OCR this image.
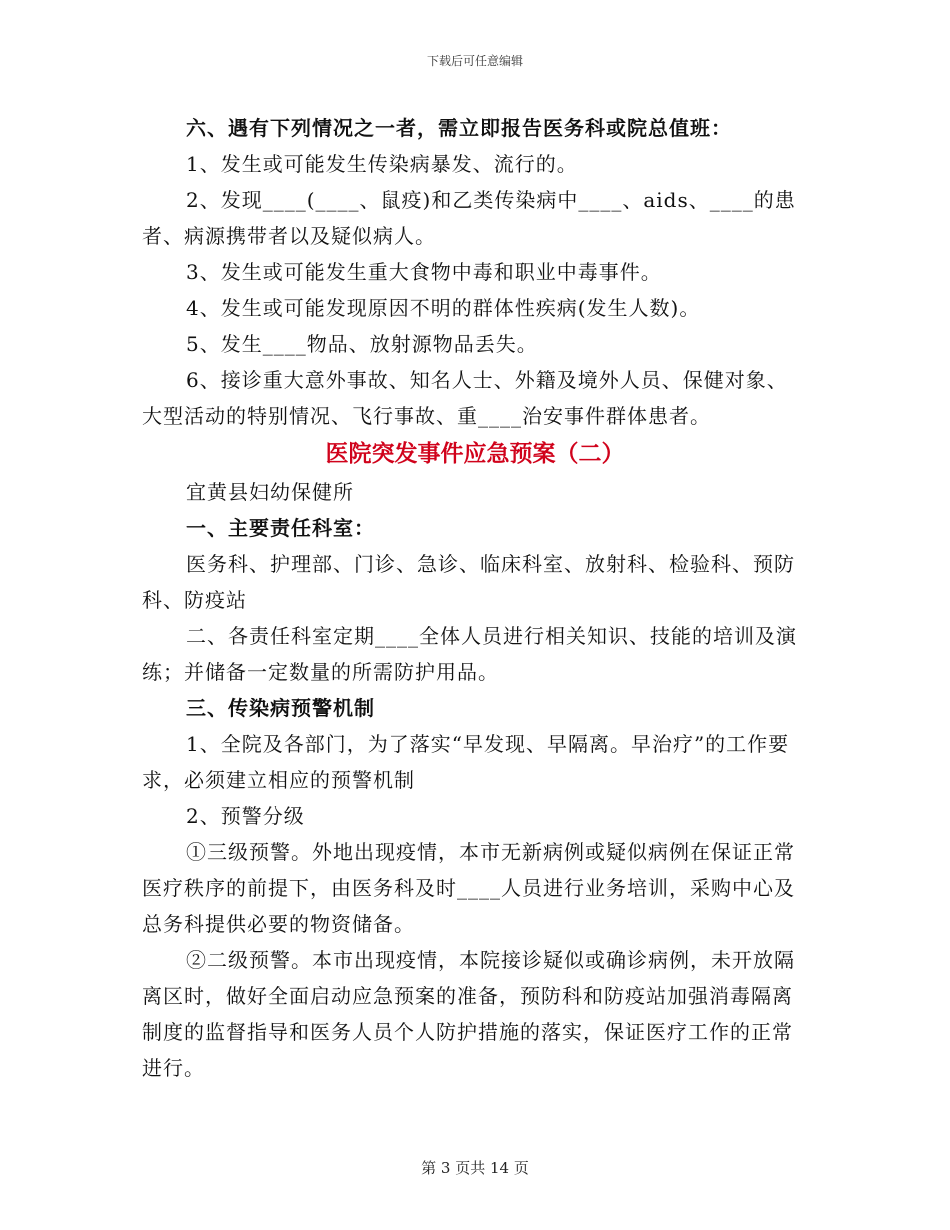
下载后可任意编辑

六、遇有下列情况之一者，需立即报告医务科或院总值班：

1、发生或可能发生传染病暴发、流行的。

2、发现____(____、鼠疫)和乙类传染病中____、aids、____的患者、病源携带者以及疑似病人。

3、发生或可能发生重大食物中毒和职业中毒事件。

4、发生或可能发现原因不明的群体性疾病(发生人数)。

5、发生____物品、放射源物品丢失。

6、接诊重大意外事故、知名人士、外籍及境外人员、保健对象、大型活动的特别情况、飞行事故、重____治安事件群体患者。

医院突发事件应急预案（二）

宜黄县妇幼保健所

一、主要责任科室：

医务科、护理部、门诊、急诊、临床科室、放射科、检验科、预防科、防疫站

二、各责任科室定期____全体人员进行相关知识、技能的培训及演练；并储备一定数量的所需防护用品。

三、传染病预警机制

1、全院及各部门，为了落实“早发现、早隔离。早治疗”的工作要求，必须建立相应的预警机制

2、预警分级

①三级预警。外地出现疫情，本市无新病例或疑似病例在保证正常医疗秩序的前提下，由医务科及时____人员进行业务培训，采购中心及总务科提供必要的物资储备。

②二级预警。本市出现疫情，本院接诊疑似或确诊病例，未开放隔离区时，做好全面启动应急预案的准备，预防科和防疫站加强消毒隔离制度的监督指导和医务人员个人防护措施的落实，保证医疗工作的正常进行。

第 3 页共 14 页
